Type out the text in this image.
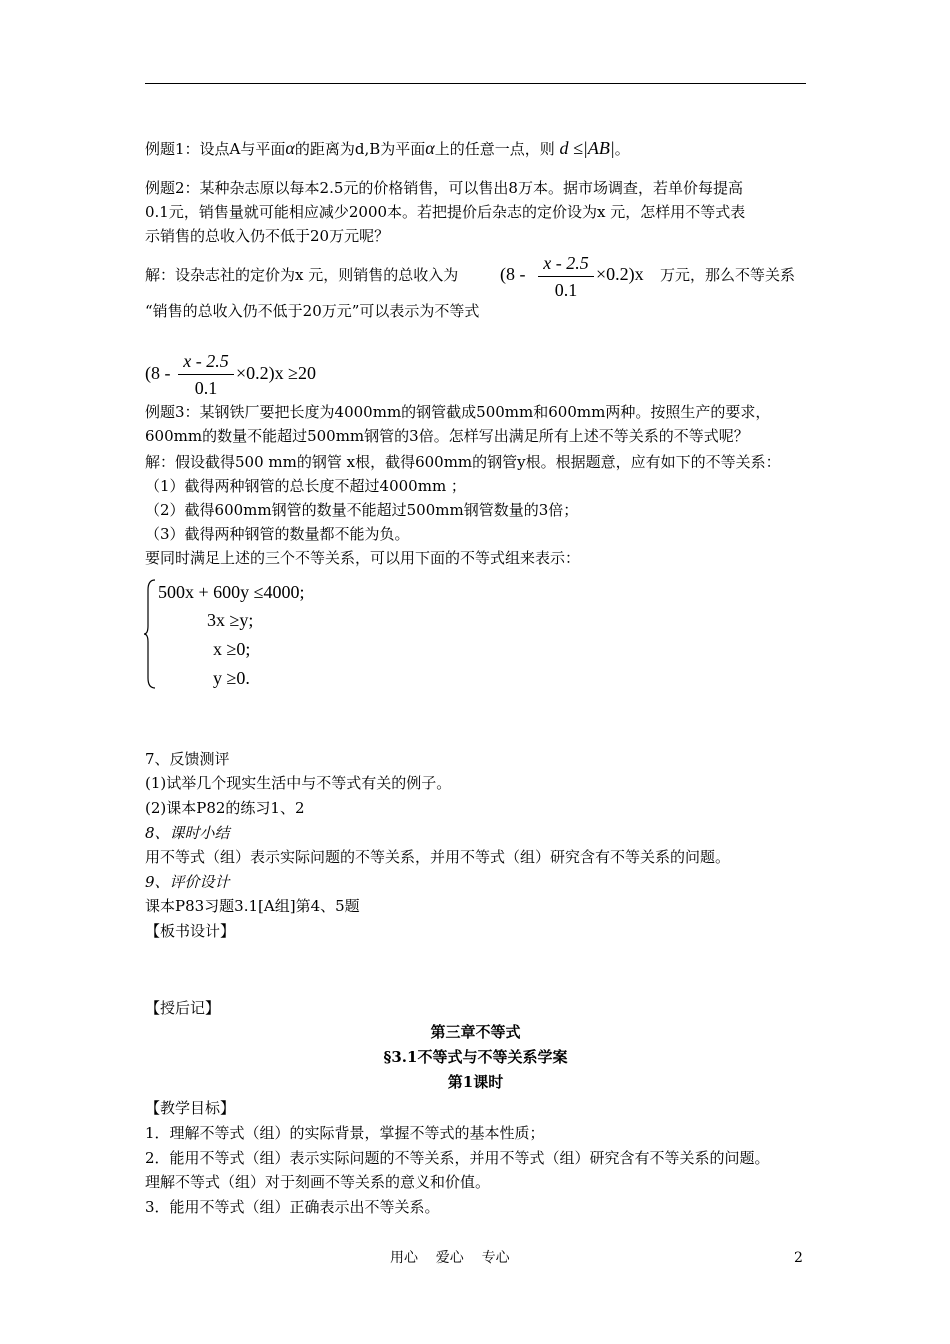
例题1：设点A与平面α的距离为d,B为平面α上的任意一点，则 d ≤|AB|。
例题2：某种杂志原以每本2.5元的价格销售，可以售出8万本。据市场调查，若单价每提高
0.1元，销售量就可能相应减少2000本。若把提价后杂志的定价设为x 元，怎样用不等式表
示销售的总收入仍不低于20万元呢？
解：设杂志社的定价为x 元，则销售的总收入为 (8 -
x - 2.5
0.1
×0.2)x 万元，那么不等关系
“销售的总收入仍不低于20万元”可以表示为不等式
(8 -
x - 2.5
0.1
×0.2)x ≥20
例题3：某钢铁厂要把长度为4000mm的钢管截成500mm和600mm两种。按照生产的要求，
600mm的数量不能超过500mm钢管的3倍。怎样写出满足所有上述不等关系的不等式呢？
解：假设截得500 mm的钢管 x根，截得600mm的钢管y根。根据题意，应有如下的不等关系：
（1）截得两种钢管的总长度不超过4000mm ；
（2）截得600mm钢管的数量不能超过500mm钢管数量的3倍；
（3）截得两种钢管的数量都不能为负。
要同时满足上述的三个不等关系，可以用下面的不等式组来表示：
500x + 600y ≤4000;
3x ≥y;
x ≥0;
y ≥0.
7、反馈测评
(1)试举几个现实生活中与不等式有关的例子。
(2)课本P82的练习1、2
8、课时小结
用不等式（组）表示实际问题的不等关系，并用不等式（组）研究含有不等关系的问题。
9、评价设计
课本P83习题3.1[A组]第4、5题
【板书设计】
【授后记】
第三章不等式
§3.1不等式与不等关系学案
第1课时
【教学目标】
1．理解不等式（组）的实际背景，掌握不等式的基本性质；
2．能用不等式（组）表示实际问题的不等关系，并用不等式（组）研究含有不等关系的问题。
理解不等式（组）对于刻画不等关系的意义和价值。
3．能用不等式（组）正确表示出不等关系。
用心    爱心    专心	2
